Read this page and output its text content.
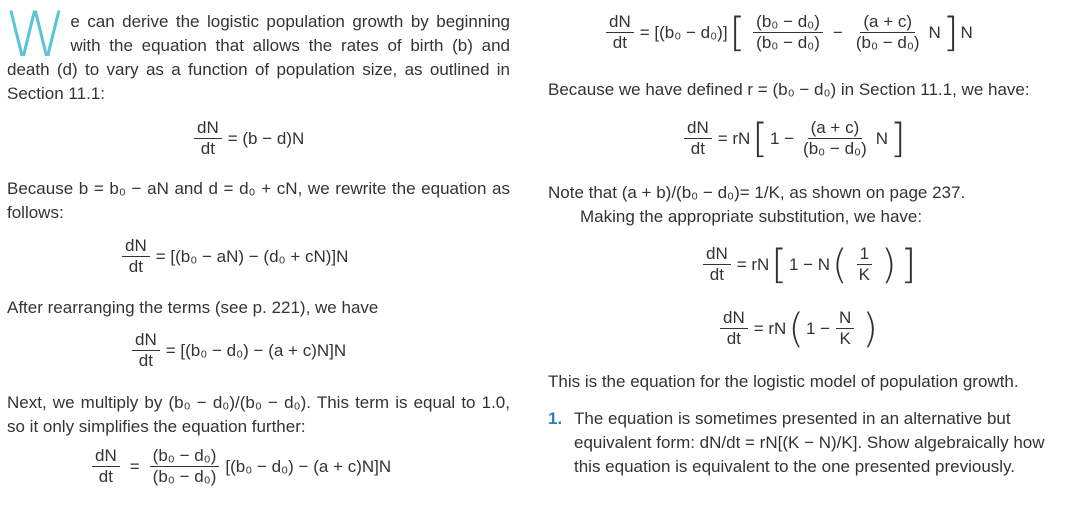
We can derive the logistic population growth by beginning with the equation that allows the rates of birth (b) and death (d) to vary as a function of population size, as outlined in Section 11.1:
$\frac{dN}{dt} = (b - d)N$
Because b = b₀ − aN and d = d₀ + cN, we rewrite the equation as follows:
$\frac{dN}{dt} = [(b_0 - aN) - (d_0 + cN)]N$
After rearranging the terms (see p. 221), we have
$\frac{dN}{dt} = [(b_0 - d_0) - (a + c)N]N$
Next, we multiply by (b₀ − d₀)/(b₀ − d₀). This term is equal to 1.0, so it only simplifies the equation further:
$\frac{dN}{dt} = \frac{\text{(b₀ − d₀)}}{\text{(b₀ − d₀)}} [(b_0 - d_0) - (a + c)N]N$
$\frac{dN}{dt} = [(b_0 - d_0)]$ [ $\frac{\text{(b₀ − d₀)}}{\text{(b₀ − d₀)}} - \frac{(a + c)}{\text{(b₀ − d₀)}}$ N ] N
Because we have defined r = (b₀ − d₀) in Section 11.1, we have:
$\frac{dN}{dt}$ = rN [ $1 - \frac{(a + c)}{\text{(b₀ − d₀)}}$ N ]
Note that (a + b)/(b₀ − d₀)= 1/K, as shown on page 237.
Making the appropriate substitution, we have:
$\frac{dN}{dt}$ = rN [ 1 − N ( $\frac{1}{K}$ ) ]
$\frac{dN}{dt}$ = rN ( $1 - \frac{N}{K}$ )
This is the equation for the logistic model of population growth.
1. The equation is sometimes presented in an alternative but equivalent form: dN/dt = rN[(K − N)/K]. Show algebraically how this equation is equivalent to the one presented previously.
